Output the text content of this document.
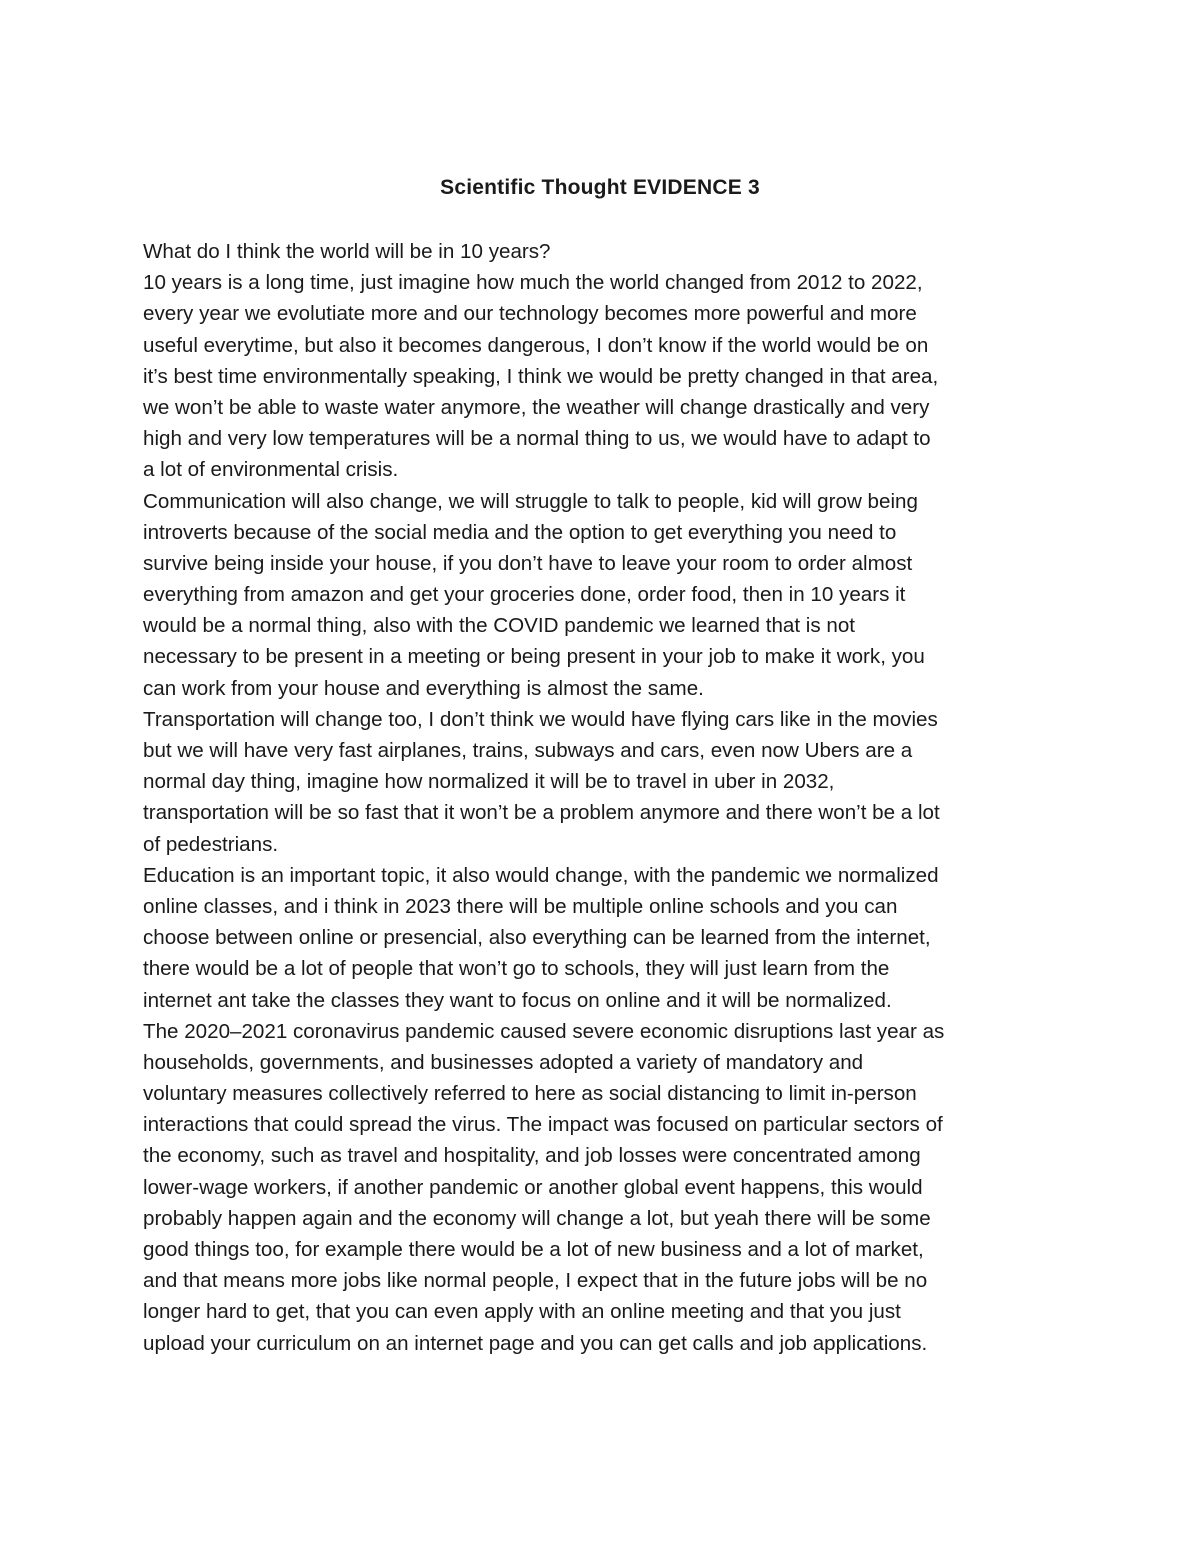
Scientific Thought EVIDENCE 3
What do I think the world will be in 10 years?
10 years is a long time, just imagine how much the world changed from 2012 to 2022,
every year we evolutiate more and our technology becomes more powerful and more
useful everytime, but also it becomes dangerous, I don’t know if the world would be on
it’s best time environmentally speaking, I think we would be pretty changed in that area,
we won’t be able to waste water anymore, the weather will change drastically and very
high and very low temperatures will be a normal thing to us, we would have to adapt to
a lot of environmental crisis.
Communication will also change, we will struggle to talk to people, kid will grow being
introverts because of the social media and the option to get everything you need to
survive being inside your house, if you don’t have to leave your room to order almost
everything from amazon and get your groceries done, order food, then in 10 years it
would be a normal thing, also with the COVID pandemic we learned that is not
necessary to be present in a meeting or being present in your job to make it work, you
can work from your house and everything is almost the same.
Transportation will change too, I don’t think we would have flying cars like in the movies
but we will have very fast airplanes, trains, subways and cars, even now Ubers are a
normal day thing, imagine how normalized it will be to travel in uber in 2032,
transportation will be so fast that it won’t be a problem anymore and there won’t be a lot
of pedestrians.
Education is an important topic, it also would change, with the pandemic we normalized
online classes, and i think in 2023 there will be multiple online schools and you can
choose between online or presencial, also everything can be learned from the internet,
there would be a lot of people that won’t go to schools, they will just learn from the
internet ant take the classes they want to focus on online and it will be normalized.
The 2020–2021 coronavirus pandemic caused severe economic disruptions last year as
households, governments, and businesses adopted a variety of mandatory and
voluntary measures collectively referred to here as social distancing to limit in-person
interactions that could spread the virus. The impact was focused on particular sectors of
the economy, such as travel and hospitality, and job losses were concentrated among
lower-wage workers, if another pandemic or another global event happens, this would
probably happen again and the economy will change a lot, but yeah there will be some
good things too, for example there would be a lot of new business and a lot of market,
and that means more jobs like normal people, I expect that in the future jobs will be no
longer hard to get, that you can even apply with an online meeting and that you just
upload your curriculum on an internet page and you can get calls and job applications.
